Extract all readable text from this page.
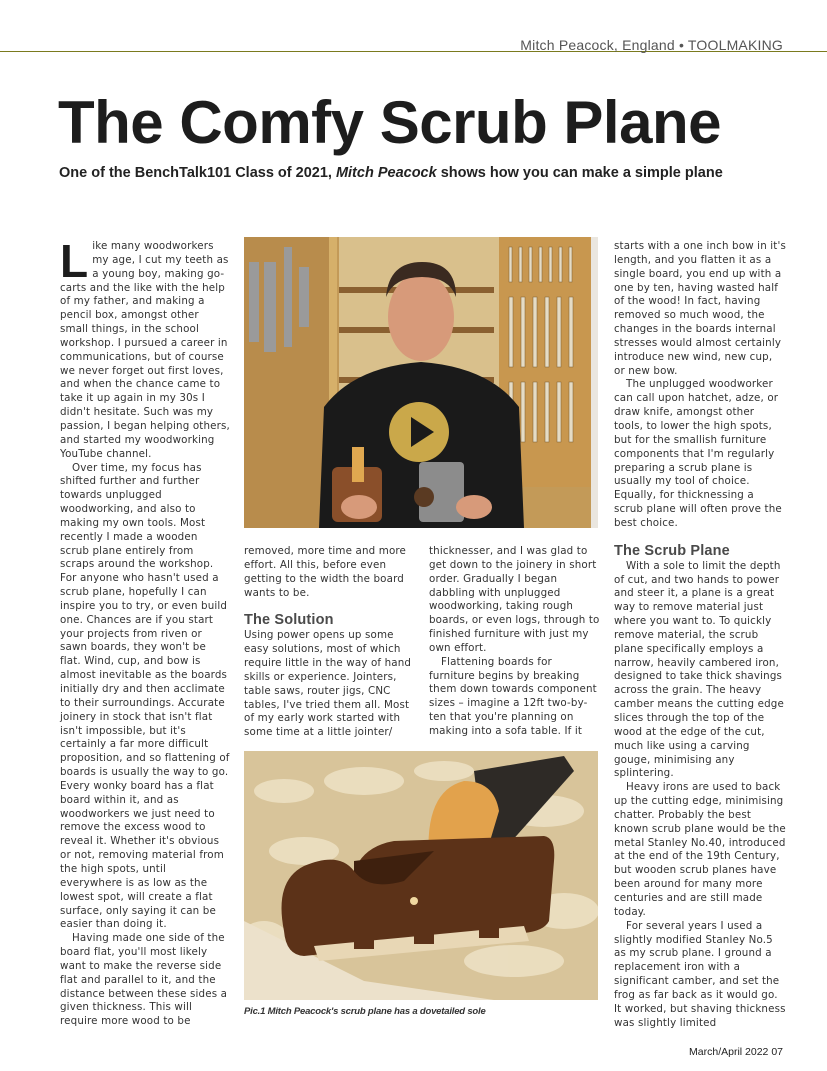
Mitch Peacock, England • TOOLMAKING
The Comfy Scrub Plane

One of the BenchTalk101 Class of 2021, Mitch Peacock shows how you can make a simple plane

Like many woodworkers my age, I cut my teeth as a young boy, making go-carts and the like with the help of my father, and making a pencil box, amongst other small things, in the school workshop. I pursued a career in communications, but of course we never forget out first loves, and when the chance came to take it up again in my 30s I didn't hesitate. Such was my passion, I began helping others, and started my woodworking YouTube channel.

Over time, my focus has shifted further and further towards unplugged woodworking, and also to making my own tools. Most recently I made a wooden scrub plane entirely from scraps around the workshop. For anyone who hasn't used a scrub plane, hopefully I can inspire you to try, or even build one. Chances are if you start your projects from riven or sawn boards, they won't be flat. Wind, cup, and bow is almost inevitable as the boards initially dry and then acclimate to their surroundings. Accurate joinery in stock that isn't flat isn't impossible, but it's certainly a far more difficult proposition, and so flattening of boards is usually the way to go. Every wonky board has a flat board within it, and as woodworkers we just need to remove the excess wood to reveal it. Whether it's obvious or not, removing material from the high spots, until everywhere is as low as the lowest spot, will create a flat surface, only saying it can be easier than doing it.

Having made one side of the board flat, you'll most likely want to make the reverse side flat and parallel to it, and the distance between these sides a given thickness. This will require more wood to be

removed, more time and more effort. All this, before even getting to the width the board wants to be.

The Solution

Using power opens up some easy solutions, most of which require little in the way of hand skills or experience. Jointers, table saws, router jigs, CNC tables, I've tried them all. Most of my early work started with some time at a little jointer/

thicknesser, and I was glad to get down to the joinery in short order. Gradually I began dabbling with unplugged woodworking, taking rough boards, or even logs, through to finished furniture with just my own effort.

Flattening boards for furniture begins by breaking them down towards component sizes – imagine a 12ft two-by-ten that you're planning on making into a sofa table. If it

Pic.1 Mitch Peacock's scrub plane has a dovetailed sole

starts with a one inch bow in it's length, and you flatten it as a single board, you end up with a one by ten, having wasted half of the wood! In fact, having removed so much wood, the changes in the boards internal stresses would almost certainly introduce new wind, new cup, or new bow.

The unplugged woodworker can call upon hatchet, adze, or draw knife, amongst other tools, to lower the high spots, but for the smallish furniture components that I'm regularly preparing a scrub plane is usually my tool of choice. Equally, for thicknessing a scrub plane will often prove the best choice.

The Scrub Plane

With a sole to limit the depth of cut, and two hands to power and steer it, a plane is a great way to remove material just where you want to. To quickly remove material, the scrub plane specifically employs a narrow, heavily cambered iron, designed to take thick shavings across the grain. The heavy camber means the cutting edge slices through the top of the wood at the edge of the cut, much like using a carving gouge, minimising any splintering.

Heavy irons are used to back up the cutting edge, minimising chatter. Probably the best known scrub plane would be the metal Stanley No.40, introduced at the end of the 19th Century, but wooden scrub planes have been around for many more centuries and are still made today.

For several years I used a slightly modified Stanley No.5 as my scrub plane. I ground a replacement iron with a significant camber, and set the frog as far back as it would go. It worked, but shaving thickness was slightly limited

March/April 2022 07
